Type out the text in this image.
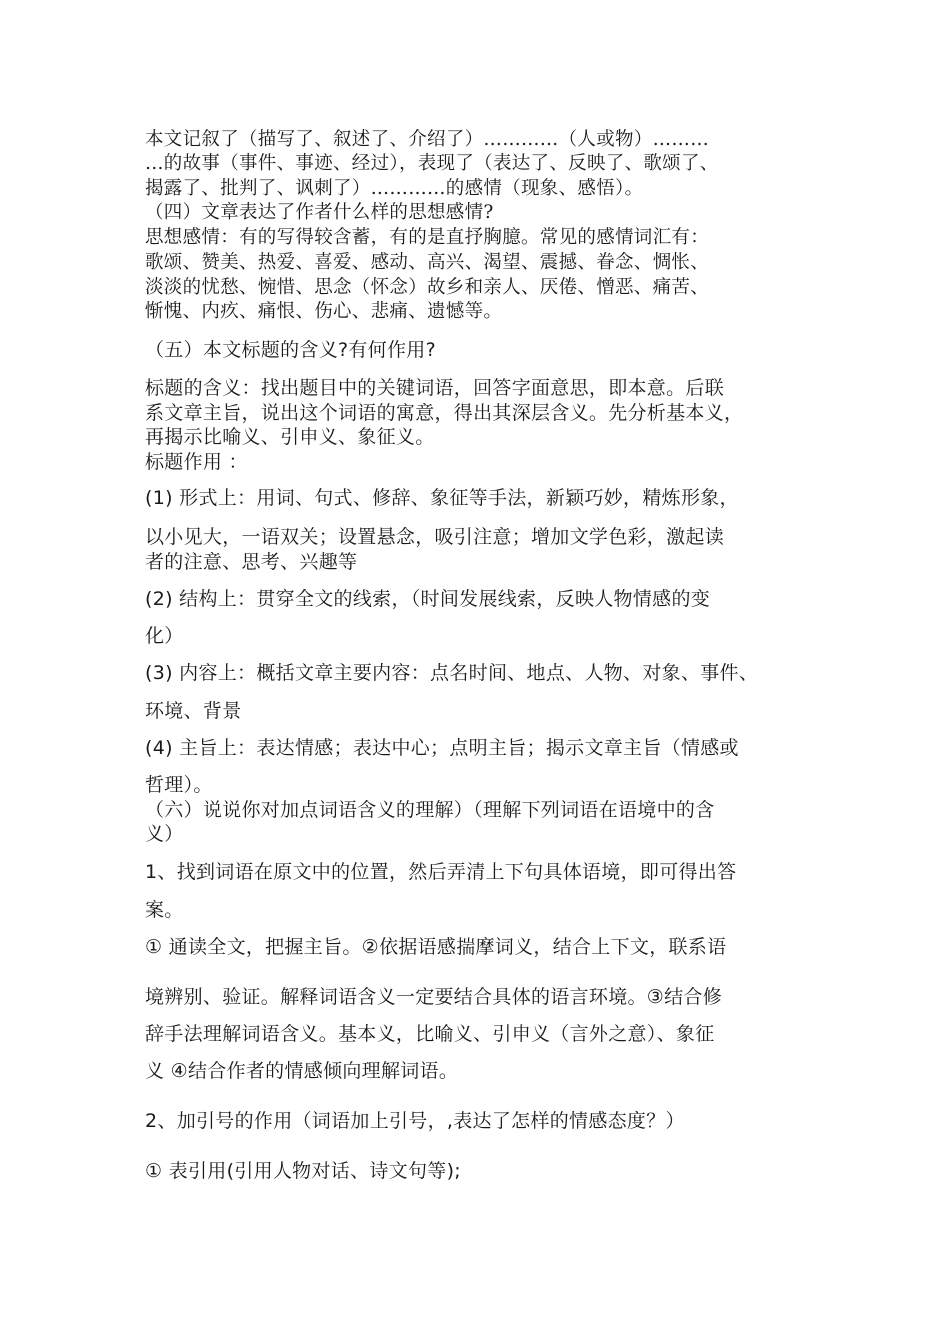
本文记叙了（描写了、叙述了、介绍了）…………（人或物）………

…的故事（事件、事迹、经过），表现了（表达了、反映了、歌颂了、

揭露了、批判了、讽刺了）…………的感情（现象、感悟）。

（四）文章表达了作者什么样的思想感情?

思想感情：有的写得较含蓄，有的是直抒胸臆。常见的感情词汇有：

歌颂、赞美、热爱、喜爱、感动、高兴、渴望、震撼、眷念、惆怅、

淡淡的忧愁、惋惜、思念（怀念）故乡和亲人、厌倦、憎恶、痛苦、

惭愧、内疚、痛恨、伤心、悲痛、遗憾等。

（五）本文标题的含义?有何作用?

标题的含义：找出题目中的关键词语，回答字面意思，即本意。后联

系文章主旨，说出这个词语的寓意，得出其深层含义。先分析基本义，

再揭示比喻义、引申义、象征义。

标题作用 ：

(1) 形式上：用词、句式、修辞、象征等手法，新颖巧妙，精炼形象，

以小见大，一语双关；设置悬念，吸引注意；增加文学色彩，激起读

者的注意、思考、兴趣等

(2) 结构上：贯穿全文的线索，（时间发展线索，反映人物情感的变

化）

(3) 内容上：概括文章主要内容：点名时间、地点、人物、对象、事件、

环境、背景

(4) 主旨上：表达情感；表达中心；点明主旨；揭示文章主旨（情感或

哲理）。

（六）说说你对加点词语含义的理解）（理解下列词语在语境中的含

义）

1、找到词语在原文中的位置，然后弄清上下句具体语境，即可得出答

案。

① 通读全文，把握主旨。②依据语感揣摩词义，结合上下文，联系语

境辨别、验证。解释词语含义一定要结合具体的语言环境。③结合修

辞手法理解词语含义。基本义，比喻义、引申义（言外之意）、象征

义 ④结合作者的情感倾向理解词语。

2、加引号的作用（词语加上引号，,表达了怎样的情感态度？）

① 表引用(引用人物对话、诗文句等);
